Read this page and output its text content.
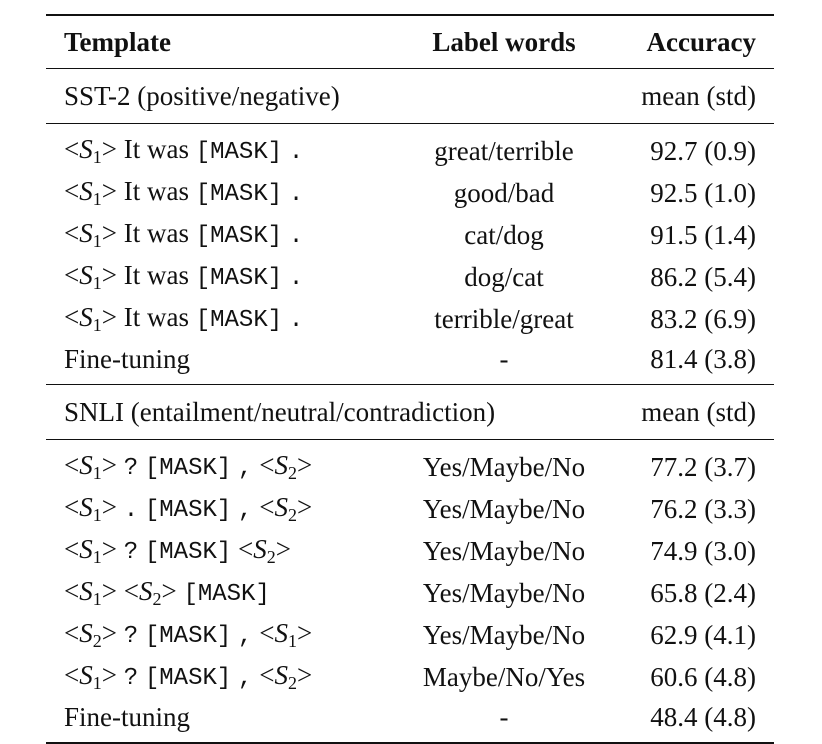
Template	Label words	Accuracy
SST-2 (positive/negative)		mean (std)
$<S_1> It$ was [MASK] .	great/terrible	92.7 (0.9)
$<S_1> It$ was [MASK] .	good/bad	92.5 (1.0)
$<S_1> It$ was [MASK] .	cat/dog	91.5 (1.4)
$<S_1> It$ was [MASK] .	dog/cat	86.2 (5.4)
$<S_1> It$ was [MASK] .	terrible/great	83.2 (6.9)
Fine-tuning	-	81.4 (3.8)
SNLI (entailment/neutral/contradiction)		mean (std)
$<S_1>$ ? [MASK] , $<S_2>$	Yes/Maybe/No	77.2 (3.7)
$<S_1>$ . [MASK] , $<S_2>$	Yes/Maybe/No	76.2 (3.3)
$<S_1>$ ? [MASK] $<S_2>$	Yes/Maybe/No	74.9 (3.0)
$<S_1> <S_2>$ [MASK]	Yes/Maybe/No	65.8 (2.4)
$<S_2>$ ? [MASK] , $<S_1>$	Yes/Maybe/No	62.9 (4.1)
$<S_1>$ ? [MASK] , $<S_2>$	Maybe/No/Yes	60.6 (4.8)
Fine-tuning	-	48.4 (4.8)
